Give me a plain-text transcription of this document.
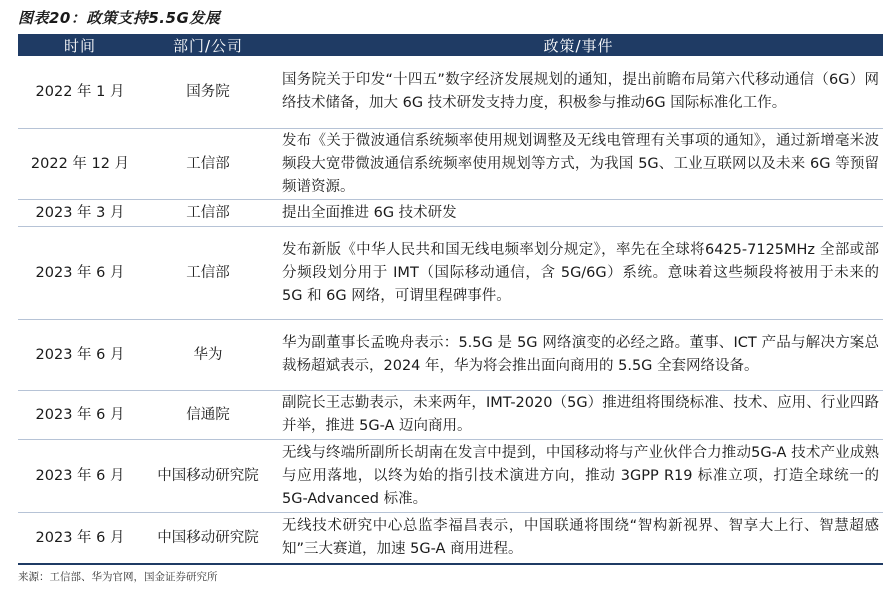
图表20：政策支持5.5G发展
时间	部门/公司	政策/事件
2022 年 1 月	国务院	国务院关于印发“十四五”数字经济发展规划的通知，提出前瞻布局第六代移动通信（6G）网络技术储备，加大 6G 技术研发支持力度，积极参与推动6G 国际标准化工作。
2022 年 12 月	工信部	发布《关于微波通信系统频率使用规划调整及无线电管理有关事项的通知》，通过新增毫米波频段大宽带微波通信系统频率使用规划等方式，为我国 5G、工业互联网以及未来 6G 等预留频谱资源。
2023 年 3 月	工信部	提出全面推进 6G 技术研发
2023 年 6 月	工信部	发布新版《中华人民共和国无线电频率划分规定》，率先在全球将6425-7125MHz 全部或部分频段划分用于 IMT（国际移动通信，含 5G/6G）系统。意味着这些频段将被用于未来的 5G 和 6G 网络，可谓里程碑事件。
2023 年 6 月	华为	华为副董事长孟晚舟表示：5.5G 是 5G 网络演变的必经之路。董事、ICT 产品与解决方案总裁杨超斌表示，2024 年，华为将会推出面向商用的 5.5G 全套网络设备。
2023 年 6 月	信通院	副院长王志勤表示，未来两年，IMT-2020（5G）推进组将围绕标准、技术、应用、行业四路并举，推进 5G-A 迈向商用。
2023 年 6 月	中国移动研究院	无线与终端所副所长胡南在发言中提到，中国移动将与产业伙伴合力推动5G-A 技术产业成熟与应用落地，以终为始的指引技术演进方向，推动 3GPP R19 标准立项，打造全球统一的 5G-Advanced 标准。
2023 年 6 月	中国移动研究院	无线技术研究中心总监李福昌表示，中国联通将围绕“智构新视界、智享大上行、智慧超感知”三大赛道，加速 5G-A 商用进程。
来源：工信部、华为官网，国金证券研究所
